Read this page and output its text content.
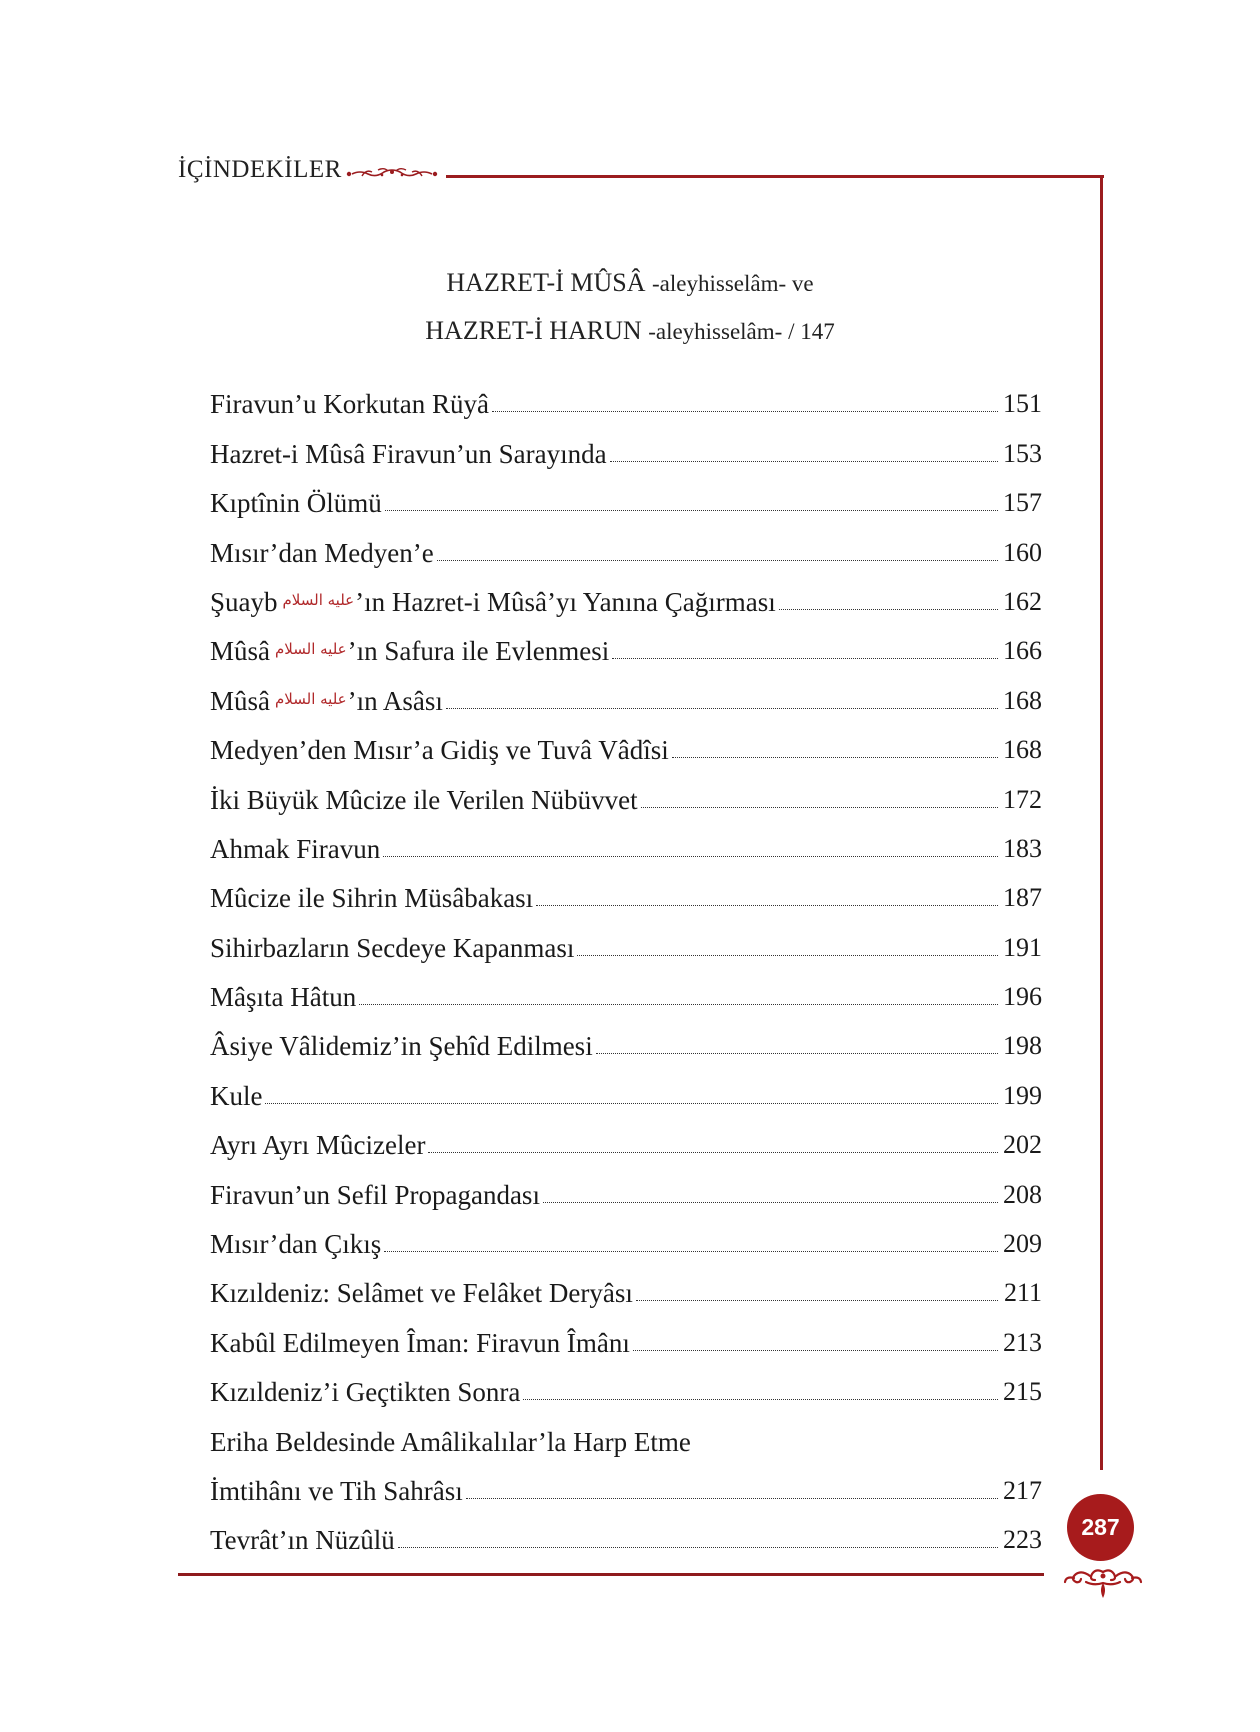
İÇİNDEKİLER
HAZRET-İ MÛSÂ -aleyhisselâm- ve
HAZRET-İ HARUN -aleyhisselâm- / 147
Firavun’u Korkutan Rüyâ	151
Hazret-i Mûsâ Firavun’un Sarayında	153
Kıptînin Ölümü	157
Mısır’dan Medyen’e	160
Şuayb عليه السلام’ın Hazret-i Mûsâ’yı Yanına Çağırması	162
Mûsâ عليه السلام’ın Safura ile Evlenmesi	166
Mûsâ عليه السلام’ın Asâsı	168
Medyen’den Mısır’a Gidiş ve Tuvâ Vâdîsi	168
İki Büyük Mûcize ile Verilen Nübüvvet	172
Ahmak Firavun	183
Mûcize ile Sihrin Müsâbakası	187
Sihirbazların Secdeye Kapanması	191
Mâşıta Hâtun	196
Âsiye Vâlidemiz’in Şehîd Edilmesi	198
Kule	199
Ayrı Ayrı Mûcizeler	202
Firavun’un Sefil Propagandası	208
Mısır’dan Çıkış	209
Kızıldeniz: Selâmet ve Felâket Deryâsı	211
Kabûl Edilmeyen Îman: Firavun Îmânı	213
Kızıldeniz’i Geçtikten Sonra	215
Eriha Beldesinde Amâlikalılar’la Harp Etme
İmtihânı ve Tih Sahrâsı	217
Tevrât’ın Nüzûlü	223	287
